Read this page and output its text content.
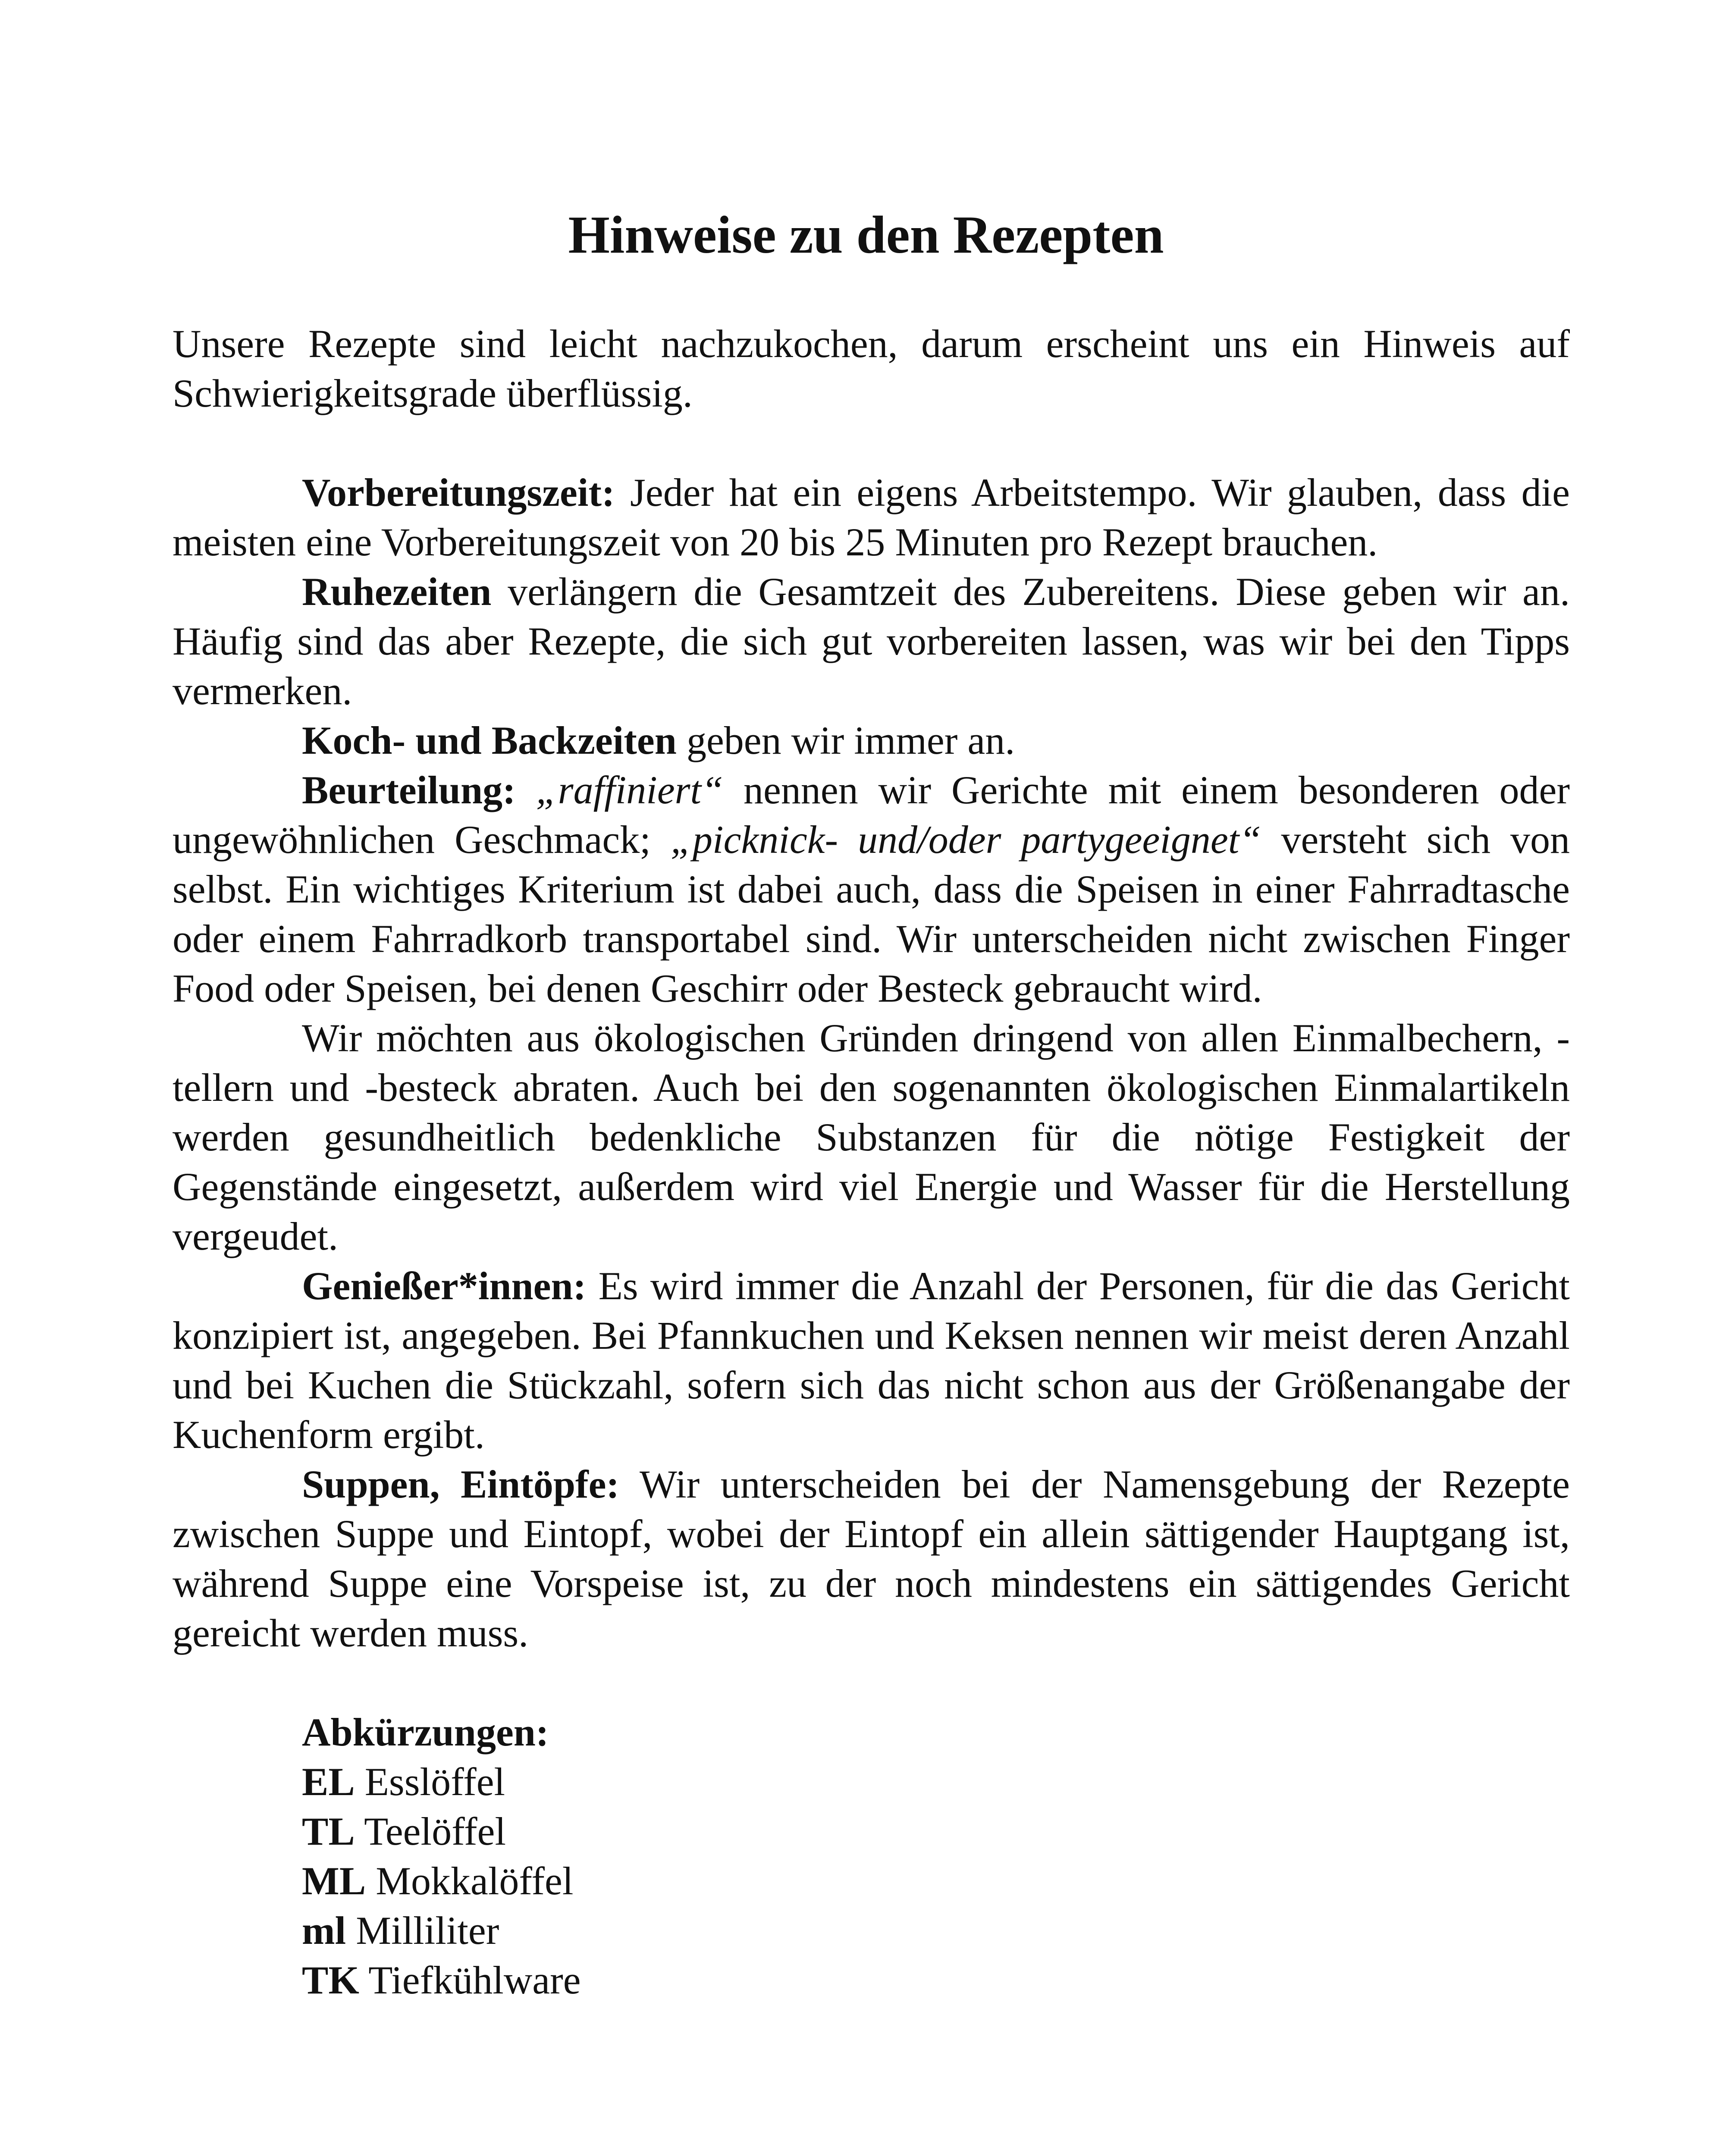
Hinweise zu den Rezepten

Unsere Rezepte sind leicht nachzukochen, darum erscheint uns ein Hinweis auf Schwierigkeitsgrade überflüssig.

Vorbereitungszeit: Jeder hat ein eigens Arbeitstempo. Wir glauben, dass die meisten eine Vorbereitungszeit von 20 bis 25 Minuten pro Rezept brauchen.

Ruhezeiten verlängern die Gesamtzeit des Zubereitens. Diese geben wir an. Häufig sind das aber Rezepte, die sich gut vorbereiten lassen, was wir bei den Tipps vermerken.

Koch- und Backzeiten geben wir immer an.

Beurteilung: „raffiniert“ nennen wir Gerichte mit einem besonderen oder ungewöhnlichen Geschmack; „picknick- und/oder partygeeignet“ versteht sich von selbst. Ein wichtiges Kriterium ist dabei auch, dass die Speisen in einer Fahrradtasche oder einem Fahrradkorb transportabel sind. Wir unterscheiden nicht zwischen Finger Food oder Speisen, bei denen Geschirr oder Besteck gebraucht wird.

Wir möchten aus ökologischen Gründen dringend von allen Einmalbechern, -tellern und -besteck abraten. Auch bei den sogenannten ökologischen Einmalartikeln werden gesundheitlich bedenkliche Substanzen für die nötige Festigkeit der Gegenstände eingesetzt, außerdem wird viel Energie und Wasser für die Herstellung vergeudet.

Genießer*innen: Es wird immer die Anzahl der Personen, für die das Gericht konzipiert ist, angegeben. Bei Pfannkuchen und Keksen nennen wir meist deren Anzahl und bei Kuchen die Stückzahl, sofern sich das nicht schon aus der Größenangabe der Kuchenform ergibt.

Suppen, Eintöpfe: Wir unterscheiden bei der Namensgebung der Rezepte zwischen Suppe und Eintopf, wobei der Eintopf ein allein sättigender Hauptgang ist, während Suppe eine Vorspeise ist, zu der noch mindestens ein sättigendes Gericht gereicht werden muss.

Abkürzungen:
EL Esslöffel
TL Teelöffel
ML Mokkalöffel
ml Milliliter
TK Tiefkühlware
